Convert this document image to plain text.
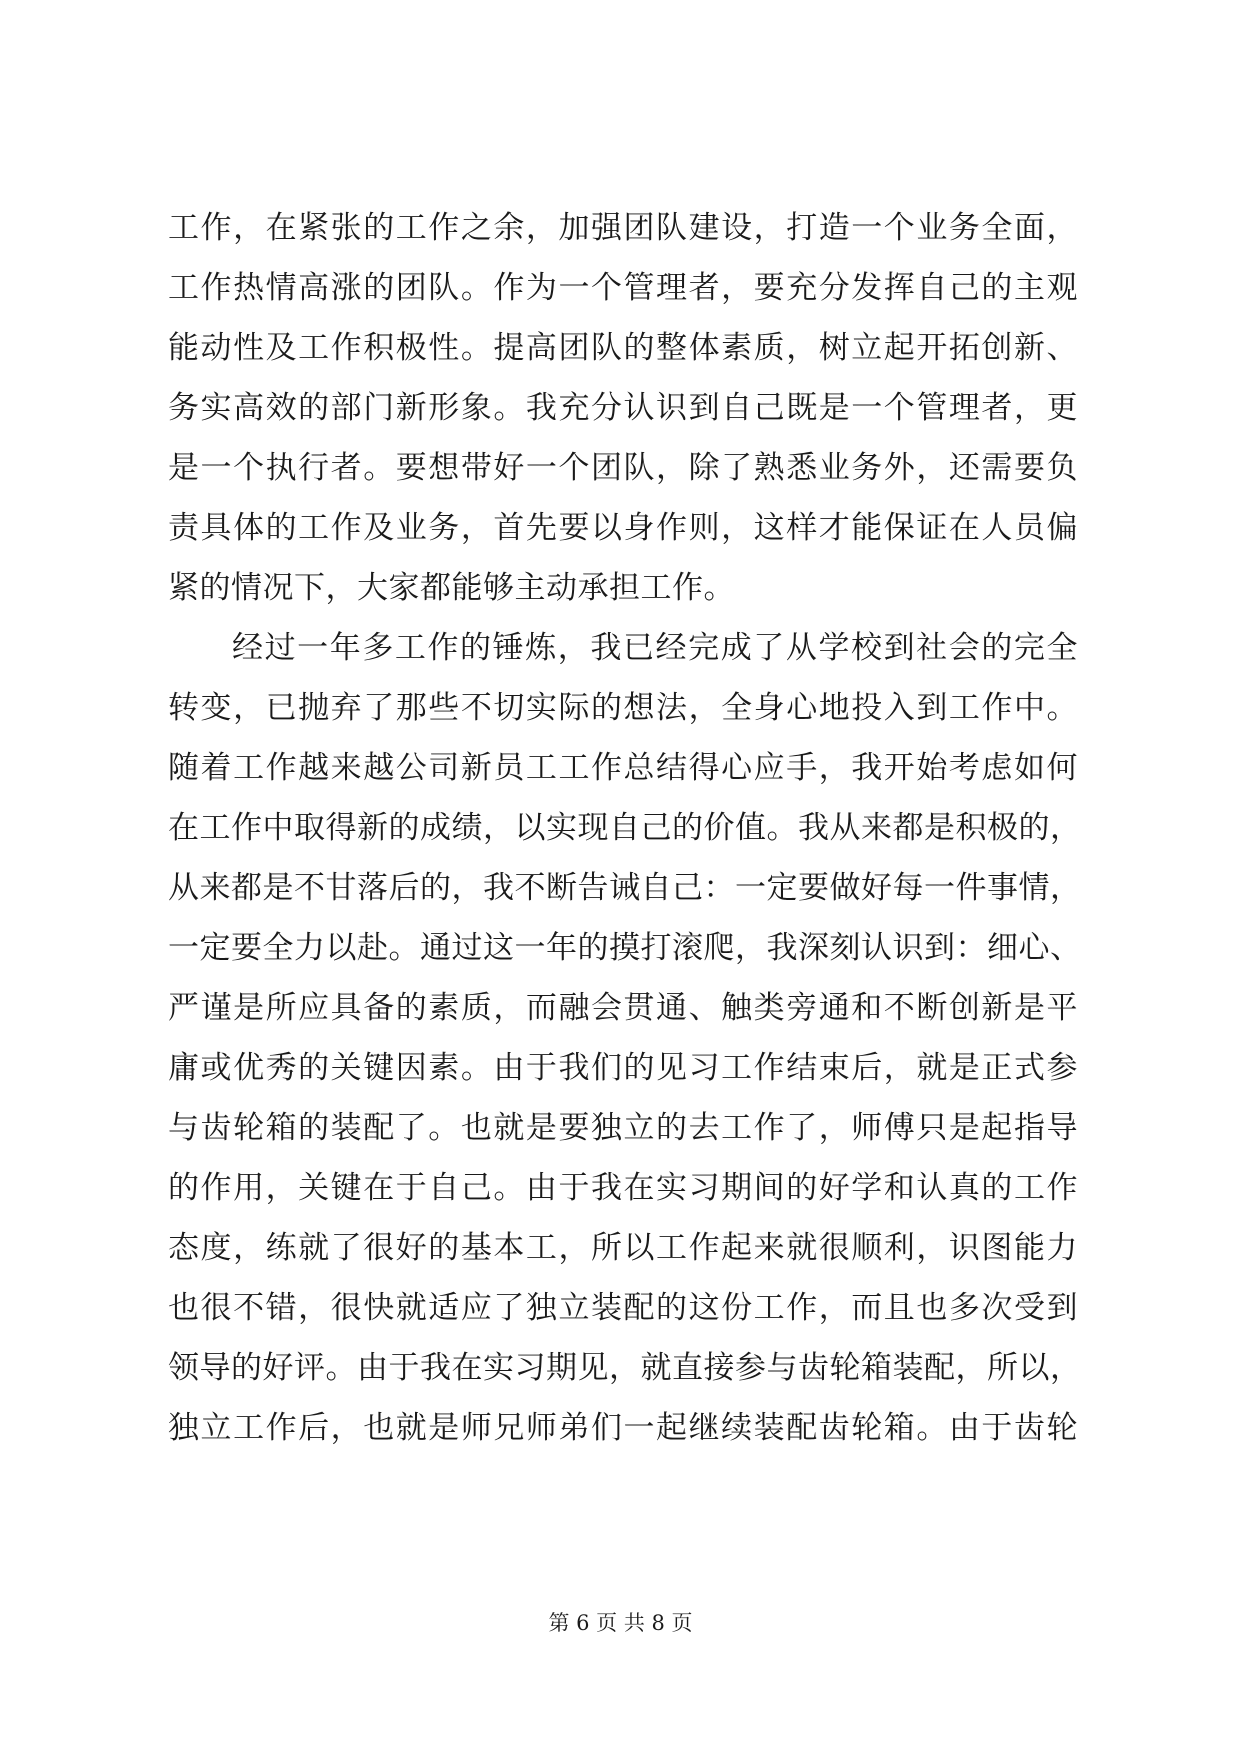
工作，在紧张的工作之余，加强团队建设，打造一个业务全面，
工作热情高涨的团队。作为一个管理者，要充分发挥自己的主观
能动性及工作积极性。提高团队的整体素质，树立起开拓创新、
务实高效的部门新形象。我充分认识到自己既是一个管理者，更
是一个执行者。要想带好一个团队，除了熟悉业务外，还需要负
责具体的工作及业务，首先要以身作则，这样才能保证在人员偏
紧的情况下，大家都能够主动承担工作。
经过一年多工作的锤炼，我已经完成了从学校到社会的完全
转变，已抛弃了那些不切实际的想法，全身心地投入到工作中。
随着工作越来越公司新员工工作总结得心应手，我开始考虑如何
在工作中取得新的成绩，以实现自己的价值。我从来都是积极的，
从来都是不甘落后的，我不断告诫自己：一定要做好每一件事情，
一定要全力以赴。通过这一年的摸打滚爬，我深刻认识到：细心、
严谨是所应具备的素质，而融会贯通、触类旁通和不断创新是平
庸或优秀的关键因素。由于我们的见习工作结束后，就是正式参
与齿轮箱的装配了。也就是要独立的去工作了，师傅只是起指导
的作用，关键在于自己。由于我在实习期间的好学和认真的工作
态度，练就了很好的基本工，所以工作起来就很顺利，识图能力
也很不错，很快就适应了独立装配的这份工作，而且也多次受到
领导的好评。由于我在实习期见，就直接参与齿轮箱装配，所以，
独立工作后，也就是师兄师弟们一起继续装配齿轮箱。由于齿轮
第 6 页 共 8 页
